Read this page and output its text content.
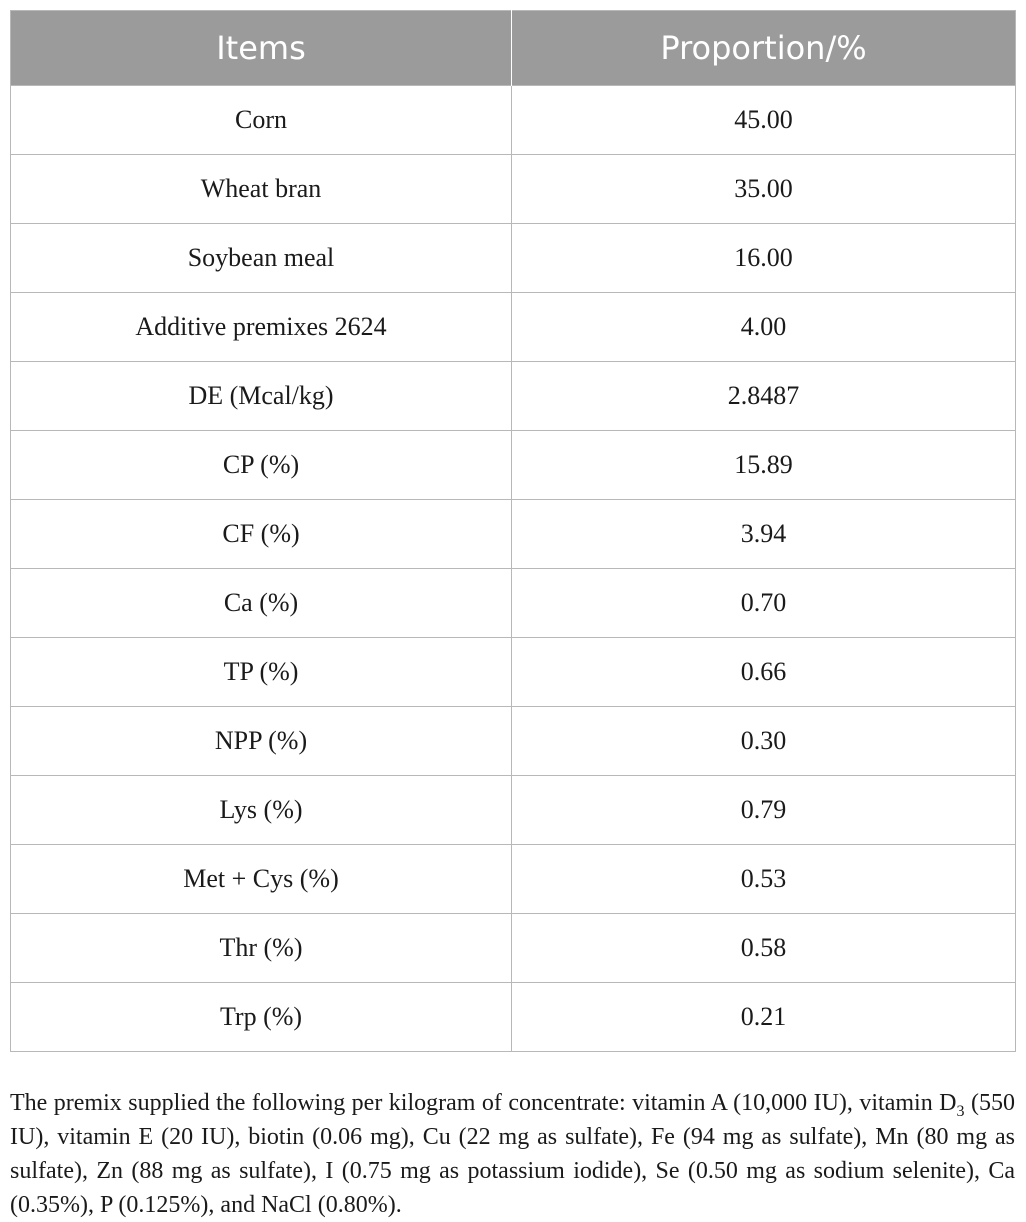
Items	Proportion/%
Corn	45.00
Wheat bran	35.00
Soybean meal	16.00
Additive premixes 2624	4.00
DE (Mcal/kg)	2.8487
CP (%)	15.89
CF (%)	3.94
Ca (%)	0.70
TP (%)	0.66
NPP (%)	0.30
Lys (%)	0.79
Met + Cys (%)	0.53
Thr (%)	0.58
Trp (%)	0.21

The premix supplied the following per kilogram of concentrate: vitamin A (10,000 IU), vitamin $D_3$ (550 IU), vitamin E (20 IU), biotin (0.06 mg), Cu (22 mg as sulfate), Fe (94 mg as sulfate), Mn (80 mg as sulfate), Zn (88 mg as sulfate), I (0.75 mg as potassium iodide), Se (0.50 mg as sodium selenite), Ca (0.35%), P (0.125%), and NaCl (0.80%).
